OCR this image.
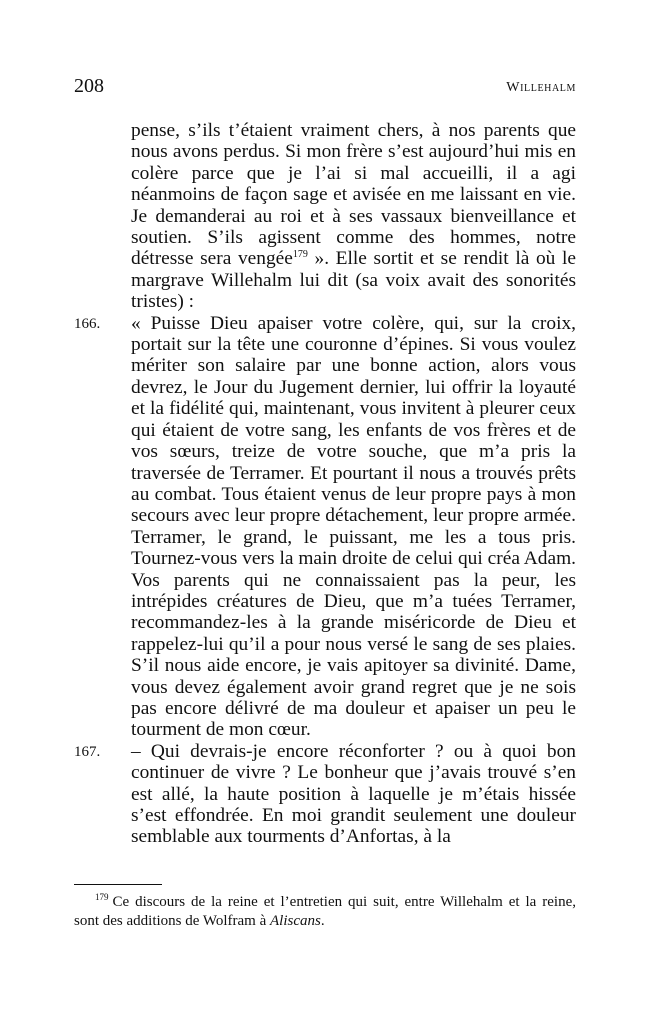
208	Willehalm
pense, s’ils t’étaient vraiment chers, à nos parents que nous avons perdus. Si mon frère s’est aujourd’hui mis en colère parce que je l’ai si mal accueilli, il a agi néanmoins de façon sage et avisée en me laissant en vie. Je demanderai au roi et à ses vassaux bienveillance et soutien. S’ils agissent comme des hommes, notre détresse sera vengée$^{179}$ ». Elle sortit et se rendit là où le margrave Willehalm lui dit (sa voix avait des sonorités tristes) :
166. « Puisse Dieu apaiser votre colère, qui, sur la croix, portait sur la tête une couronne d’épines. Si vous voulez mériter son salaire par une bonne action, alors vous devrez, le Jour du Jugement dernier, lui offrir la loyauté et la fidélité qui, maintenant, vous invitent à pleurer ceux qui étaient de votre sang, les enfants de vos frères et de vos sœurs, treize de votre souche, que m’a pris la traversée de Terramer. Et pourtant il nous a trouvés prêts au combat. Tous étaient venus de leur propre pays à mon secours avec leur propre détachement, leur propre armée. Terramer, le grand, le puissant, me les a tous pris. Tournez-vous vers la main droite de celui qui créa Adam. Vos parents qui ne connaissaient pas la peur, les intrépides créatures de Dieu, que m’a tuées Terramer, recommandez-les à la grande miséricorde de Dieu et rappelez-lui qu’il a pour nous versé le sang de ses plaies. S’il nous aide encore, je vais apitoyer sa divinité. Dame, vous devez également avoir grand regret que je ne sois pas encore délivré de ma douleur et apaiser un peu le tourment de mon cœur.
167. – Qui devrais-je encore réconforter ? ou à quoi bon continuer de vivre ? Le bonheur que j’avais trouvé s’en est allé, la haute position à laquelle je m’étais hissée s’est effondrée. En moi grandit seulement une douleur semblable aux tourments d’Anfortas, à la
$^{179}$ Ce discours de la reine et l’entretien qui suit, entre Willehalm et la reine, sont des additions de Wolfram à Aliscans.
